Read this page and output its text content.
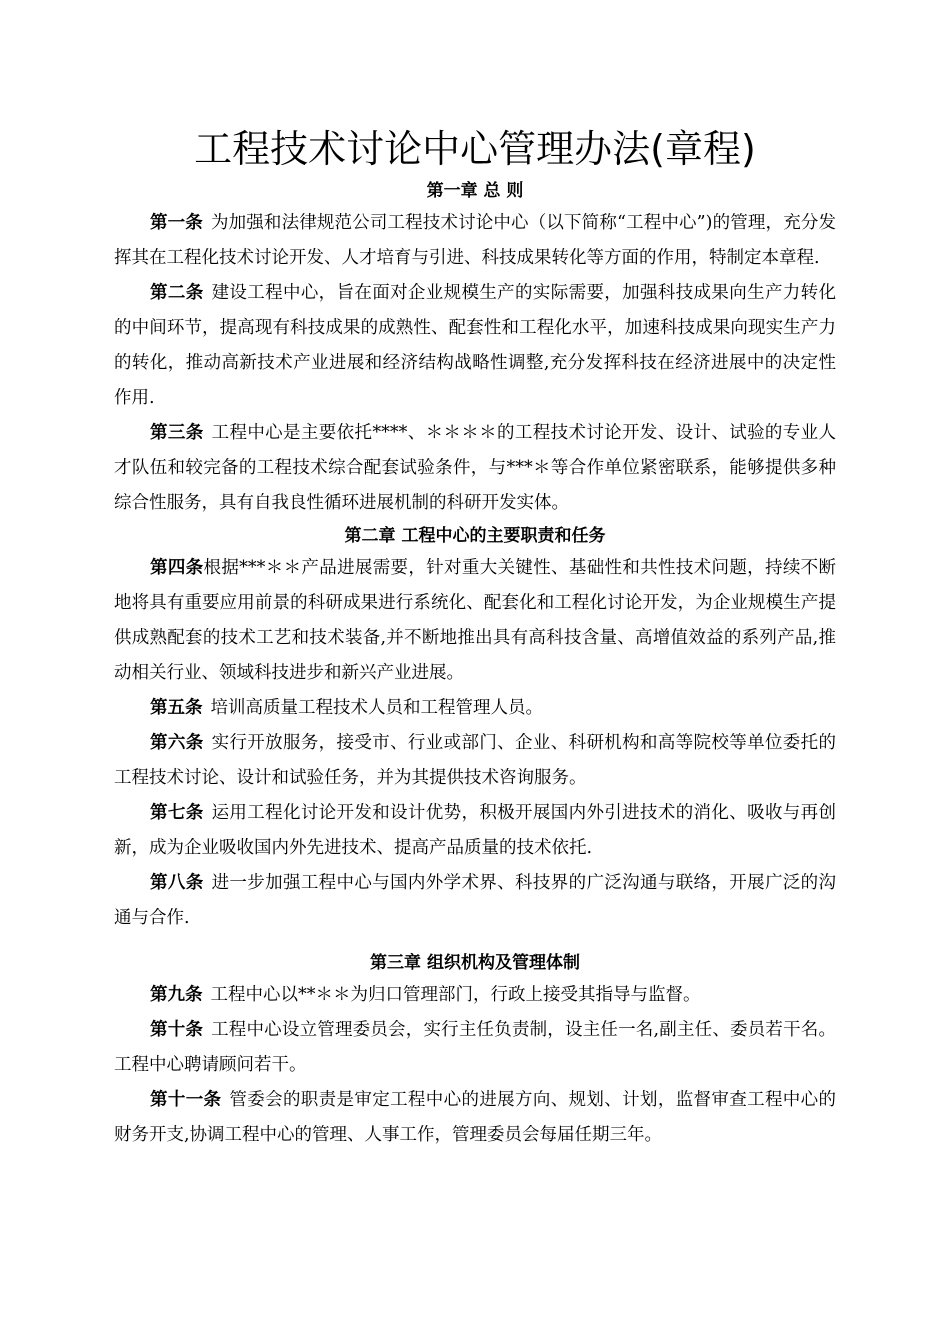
工程技术讨论中心管理办法(章程)
第一章 总 则

第一条 为加强和法律规范公司工程技术讨论中心（以下简称“工程中心”)的管理，充分发挥其在工程化技术讨论开发、人才培育与引进、科技成果转化等方面的作用，特制定本章程.

第二条 建设工程中心，旨在面对企业规模生产的实际需要，加强科技成果向生产力转化的中间环节，提高现有科技成果的成熟性、配套性和工程化水平，加速科技成果向现实生产力的转化，推动高新技术产业进展和经济结构战略性调整,充分发挥科技在经济进展中的决定性作用.

第三条 工程中心是主要依托****、＊＊＊＊的工程技术讨论开发、设计、试验的专业人才队伍和较完备的工程技术综合配套试验条件，与***＊等合作单位紧密联系，能够提供多种综合性服务，具有自我良性循环进展机制的科研开发实体。

第二章 工程中心的主要职责和任务

第四条根据***＊＊产品进展需要，针对重大关键性、基础性和共性技术问题，持续不断地将具有重要应用前景的科研成果进行系统化、配套化和工程化讨论开发，为企业规模生产提供成熟配套的技术工艺和技术装备,并不断地推出具有高科技含量、高增值效益的系列产品,推动相关行业、领域科技进步和新兴产业进展。

第五条 培训高质量工程技术人员和工程管理人员。

第六条 实行开放服务，接受市、行业或部门、企业、科研机构和高等院校等单位委托的工程技术讨论、设计和试验任务，并为其提供技术咨询服务。

第七条 运用工程化讨论开发和设计优势，积极开展国内外引进技术的消化、吸收与再创新，成为企业吸收国内外先进技术、提高产品质量的技术依托.

第八条 进一步加强工程中心与国内外学术界、科技界的广泛沟通与联络，开展广泛的沟通与合作.

第三章 组织机构及管理体制

第九条 工程中心以**＊＊为归口管理部门，行政上接受其指导与监督。

第十条 工程中心设立管理委员会，实行主任负责制，设主任一名,副主任、委员若干名。工程中心聘请顾问若干。

第十一条 管委会的职责是审定工程中心的进展方向、规划、计划，监督审查工程中心的财务开支,协调工程中心的管理、人事工作，管理委员会每届任期三年。
